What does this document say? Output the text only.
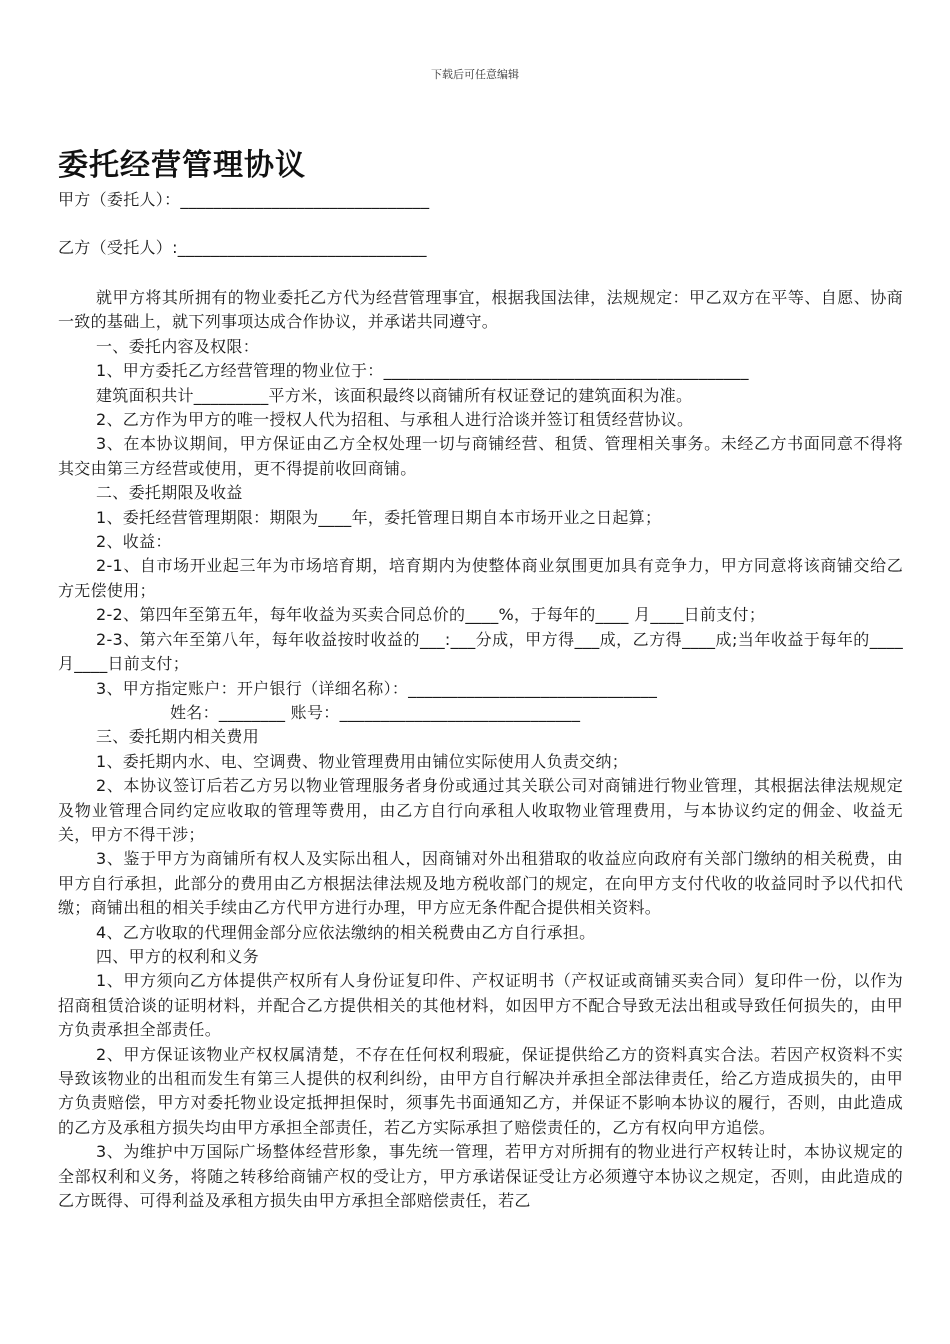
下载后可任意编辑
委托经营管理协议
甲方（委托人）：______________________________
乙方（受托人）:______________________________

就甲方将其所拥有的物业委托乙方代为经营管理事宜，根据我国法律，法规规定：甲乙双方在平等、自愿、协商一致的基础上，就下列事项达成合作协议，并承诺共同遵守。

一、委托内容及权限：

1、甲方委托乙方经营管理的物业位于：____________________________________________

建筑面积共计_________平方米，该面积最终以商铺所有权证登记的建筑面积为准。

2、乙方作为甲方的唯一授权人代为招租、与承租人进行洽谈并签订租赁经营协议。

3、在本协议期间，甲方保证由乙方全权处理一切与商铺经营、租赁、管理相关事务。未经乙方书面同意不得将其交由第三方经营或使用，更不得提前收回商铺。

二、委托期限及收益

1、委托经营管理期限：期限为____年，委托管理日期自本市场开业之日起算；

2、收益：

2-1、自市场开业起三年为市场培育期，培育期内为使整体商业氛围更加具有竞争力，甲方同意将该商铺交给乙方无偿使用；

2-2、第四年至第五年，每年收益为买卖合同总价的____%，于每年的____ 月____日前支付；

2-3、第六年至第八年，每年收益按时收益的___:___分成，甲方得___成，乙方得____成;当年收益于每年的____ 月____日前支付；

3、甲方指定账户：开户银行（详细名称）：______________________________

姓名：________ 账号：_____________________________

三、委托期内相关费用

1、委托期内水、电、空调费、物业管理费用由铺位实际使用人负责交纳；

2、本协议签订后若乙方另以物业管理服务者身份或通过其关联公司对商铺进行物业管理，其根据法律法规规定及物业管理合同约定应收取的管理等费用，由乙方自行向承租人收取物业管理费用，与本协议约定的佣金、收益无关，甲方不得干涉；

3、鉴于甲方为商铺所有权人及实际出租人，因商铺对外出租猎取的收益应向政府有关部门缴纳的相关税费，由甲方自行承担，此部分的费用由乙方根据法律法规及地方税收部门的规定，在向甲方支付代收的收益同时予以代扣代缴；商铺出租的相关手续由乙方代甲方进行办理，甲方应无条件配合提供相关资料。

4、乙方收取的代理佣金部分应依法缴纳的相关税费由乙方自行承担。

四、甲方的权利和义务

1、甲方须向乙方体提供产权所有人身份证复印件、产权证明书（产权证或商铺买卖合同）复印件一份，以作为招商租赁洽谈的证明材料，并配合乙方提供相关的其他材料，如因甲方不配合导致无法出租或导致任何损失的，由甲方负责承担全部责任。

2、甲方保证该物业产权权属清楚，不存在任何权利瑕疵，保证提供给乙方的资料真实合法。若因产权资料不实导致该物业的出租而发生有第三人提供的权利纠纷，由甲方自行解决并承担全部法律责任，给乙方造成损失的，由甲方负责赔偿，甲方对委托物业设定抵押担保时，须事先书面通知乙方，并保证不影响本协议的履行，否则，由此造成的乙方及承租方损失均由甲方承担全部责任，若乙方实际承担了赔偿责任的，乙方有权向甲方追偿。

3、为维护中万国际广场整体经营形象，事先统一管理，若甲方对所拥有的物业进行产权转让时，本协议规定的全部权利和义务，将随之转移给商铺产权的受让方，甲方承诺保证受让方必须遵守本协议之规定，否则，由此造成的乙方既得、可得利益及承租方损失由甲方承担全部赔偿责任，若乙
